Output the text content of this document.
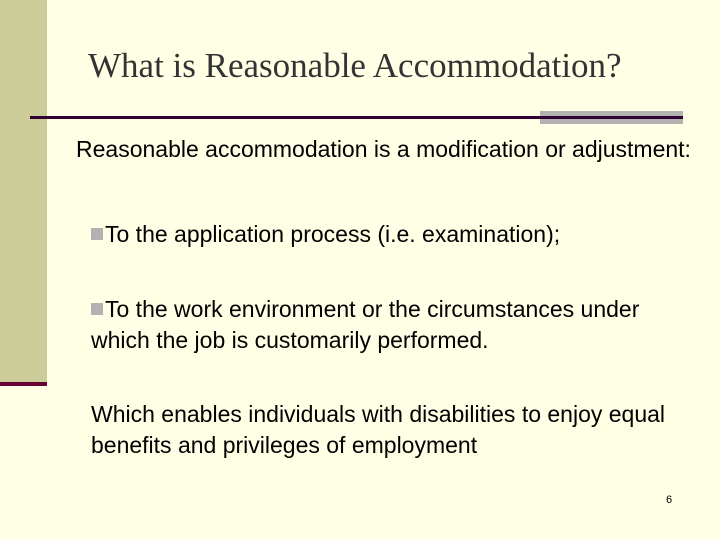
What is Reasonable Accommodation?
Reasonable accommodation is a modification or adjustment:
To the application process (i.e. examination);
To the work environment or the circumstances under which the job is customarily performed.
Which enables individuals with disabilities to enjoy equal benefits and privileges of employment
6
